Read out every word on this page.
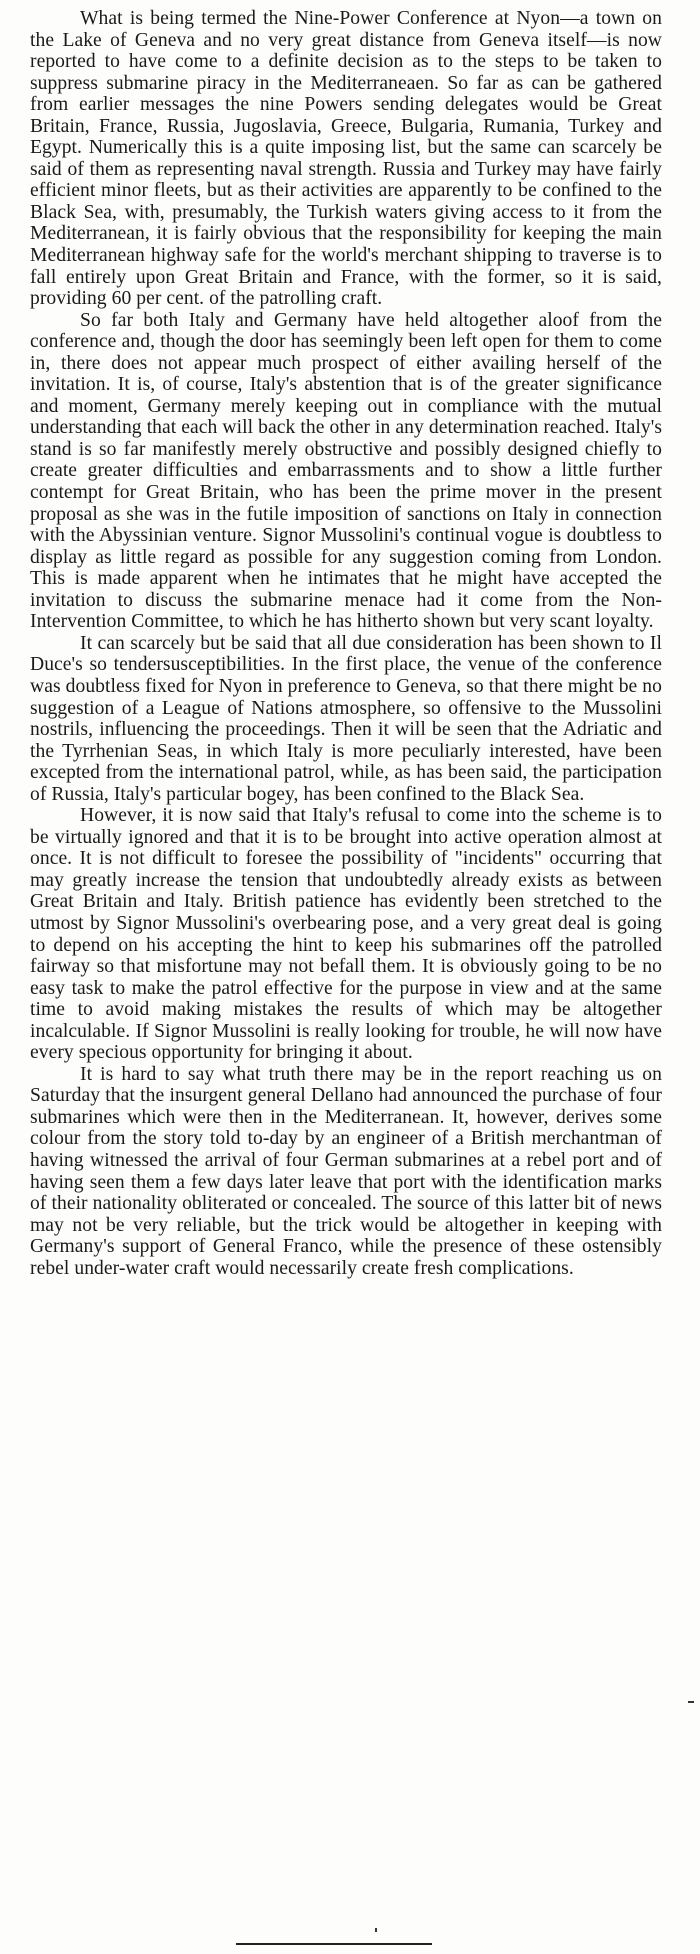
What is being termed the Nine-Power Conference at Nyon—a town on the Lake of Geneva and no very great distance from Geneva itself—is now reported to have come to a definite decision as to the steps to be taken to suppress submarine piracy in the Mediterraneaen. So far as can be gathered from earlier messages the nine Powers sending delegates would be Great Britain, France, Russia, Jugoslavia, Greece, Bulgaria, Rumania, Turkey and Egypt. Numerically this is a quite imposing list, but the same can scarcely be said of them as representing naval strength. Russia and Turkey may have fairly efficient minor fleets, but as their activities are apparently to be confined to the Black Sea, with, presumably, the Turkish waters giving access to it from the Mediterranean, it is fairly obvious that the responsibility for keeping the main Mediterranean highway safe for the world's merchant shipping to traverse is to fall entirely upon Great Britain and France, with the former, so it is said, providing 60 per cent. of the patrolling craft.

So far both Italy and Germany have held altogether aloof from the conference and, though the door has seemingly been left open for them to come in, there does not appear much prospect of either availing herself of the invitation. It is, of course, Italy's abstention that is of the greater significance and moment, Germany merely keeping out in compliance with the mutual understanding that each will back the other in any determination reached. Italy's stand is so far manifestly merely obstructive and possibly designed chiefly to create greater difficulties and embarrassments and to show a little further contempt for Great Britain, who has been the prime mover in the present proposal as she was in the futile imposition of sanctions on Italy in connection with the Abyssinian venture. Signor Mussolini's continual vogue is doubtless to display as little regard as possible for any suggestion coming from London. This is made apparent when he intimates that he might have accepted the invitation to discuss the submarine menace had it come from the Non-Intervention Committee, to which he has hitherto shown but very scant loyalty.

It can scarcely but be said that all due consideration has been shown to Il Duce's so tendersusceptibilities. In the first place, the venue of the conference was doubtless fixed for Nyon in preference to Geneva, so that there might be no suggestion of a League of Nations atmosphere, so offensive to the Mussolini nostrils, influencing the proceedings. Then it will be seen that the Adriatic and the Tyrrhenian Seas, in which Italy is more peculiarly interested, have been excepted from the international patrol, while, as has been said, the participation of Russia, Italy's particular bogey, has been confined to the Black Sea.

However, it is now said that Italy's refusal to come into the scheme is to be virtually ignored and that it is to be brought into active operation almost at once. It is not difficult to foresee the possibility of "incidents" occurring that may greatly increase the tension that undoubtedly already exists as between Great Britain and Italy. British patience has evidently been stretched to the utmost by Signor Mussolini's overbearing pose, and a very great deal is going to depend on his accepting the hint to keep his submarines off the patrolled fairway so that misfortune may not befall them. It is obviously going to be no easy task to make the patrol effective for the purpose in view and at the same time to avoid making mistakes the results of which may be altogether incalculable. If Signor Mussolini is really looking for trouble, he will now have every specious opportunity for bringing it about.

It is hard to say what truth there may be in the report reaching us on Saturday that the insurgent general Dellano had announced the purchase of four submarines which were then in the Mediterranean. It, however, derives some colour from the story told to-day by an engineer of a British merchantman of having witnessed the arrival of four German submarines at a rebel port and of having seen them a few days later leave that port with the identification marks of their nationality obliterated or concealed. The source of this latter bit of news may not be very reliable, but the trick would be altogether in keeping with Germany's support of General Franco, while the presence of these ostensibly rebel under-water craft would necessarily create fresh complications.
